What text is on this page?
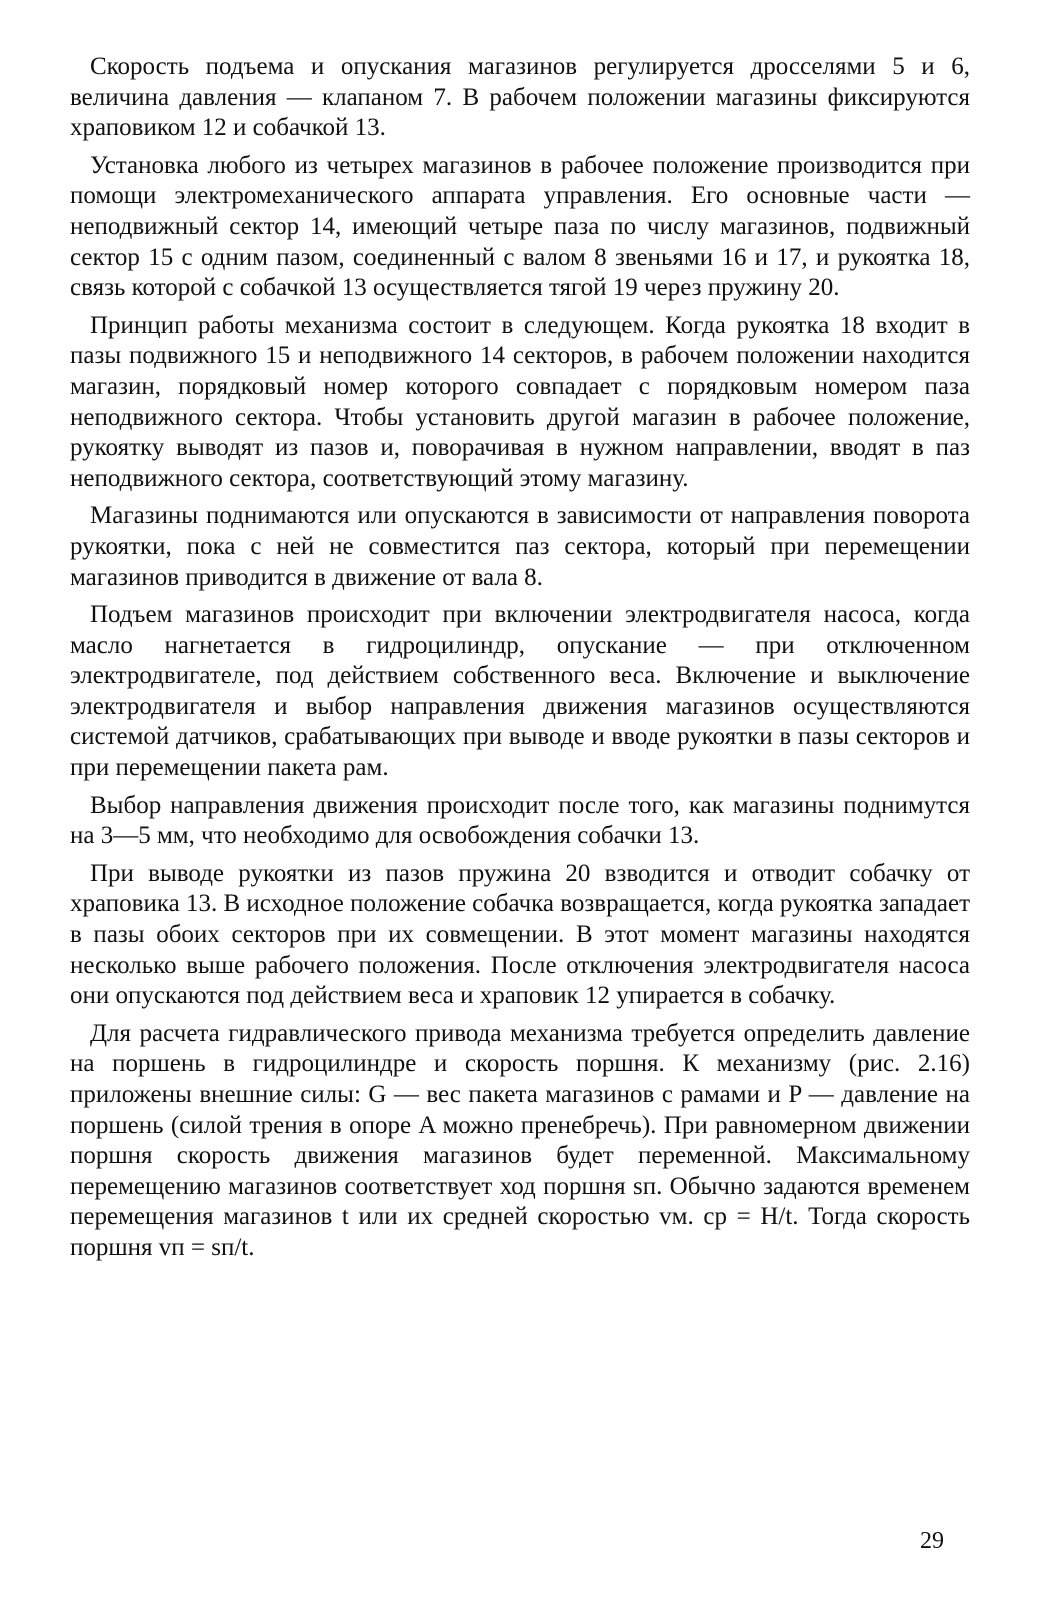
Скорость подъема и опускания магазинов регулируется дросселями 5 и 6, величина давления — клапаном 7. В рабочем положении магазины фиксируются храповиком 12 и собачкой 13.

Установка любого из четырех магазинов в рабочее положение производится при помощи электромеханического аппарата управления. Его основные части — неподвижный сектор 14, имеющий четыре паза по числу магазинов, подвижный сектор 15 с одним пазом, соединенный с валом 8 звеньями 16 и 17, и рукоятка 18, связь которой с собачкой 13 осуществляется тягой 19 через пружину 20.

Принцип работы механизма состоит в следующем. Когда рукоятка 18 входит в пазы подвижного 15 и неподвижного 14 секторов, в рабочем положении находится магазин, порядковый номер которого совпадает с порядковым номером паза неподвижного сектора. Чтобы установить другой магазин в рабочее положение, рукоятку выводят из пазов и, поворачивая в нужном направлении, вводят в паз неподвижного сектора, соответствующий этому магазину.

Магазины поднимаются или опускаются в зависимости от направления поворота рукоятки, пока с ней не совместится паз сектора, который при перемещении магазинов приводится в движение от вала 8.

Подъем магазинов происходит при включении электродвигателя насоса, когда масло нагнетается в гидроцилиндр, опускание — при отключенном электродвигателе, под действием собственного веса. Включение и выключение электродвигателя и выбор направления движения магазинов осуществляются системой датчиков, срабатывающих при выводе и вводе рукоятки в пазы секторов и при перемещении пакета рам.

Выбор направления движения происходит после того, как магазины поднимутся на 3—5 мм, что необходимо для освобождения собачки 13.

При выводе рукоятки из пазов пружина 20 взводится и отводит собачку от храповика 13. В исходное положение собачка возвращается, когда рукоятка западает в пазы обоих секторов при их совмещении. В этот момент магазины находятся несколько выше рабочего положения. После отключения электродвигателя насоса они опускаются под действием веса и храповик 12 упирается в собачку.

Для расчета гидравлического привода механизма требуется определить давление на поршень в гидроцилиндре и скорость поршня. К механизму (рис. 2.16) приложены внешние силы: G — вес пакета магазинов с рамами и P — давление на поршень (силой трения в опоре A можно пренебречь). При равномерном движении поршня скорость движения магазинов будет переменной. Максимальному перемещению магазинов соответствует ход поршня sп. Обычно задаются временем перемещения магазинов t или их средней скоростью vм. ср = H/t. Тогда скорость поршня vп = sп/t.

29
